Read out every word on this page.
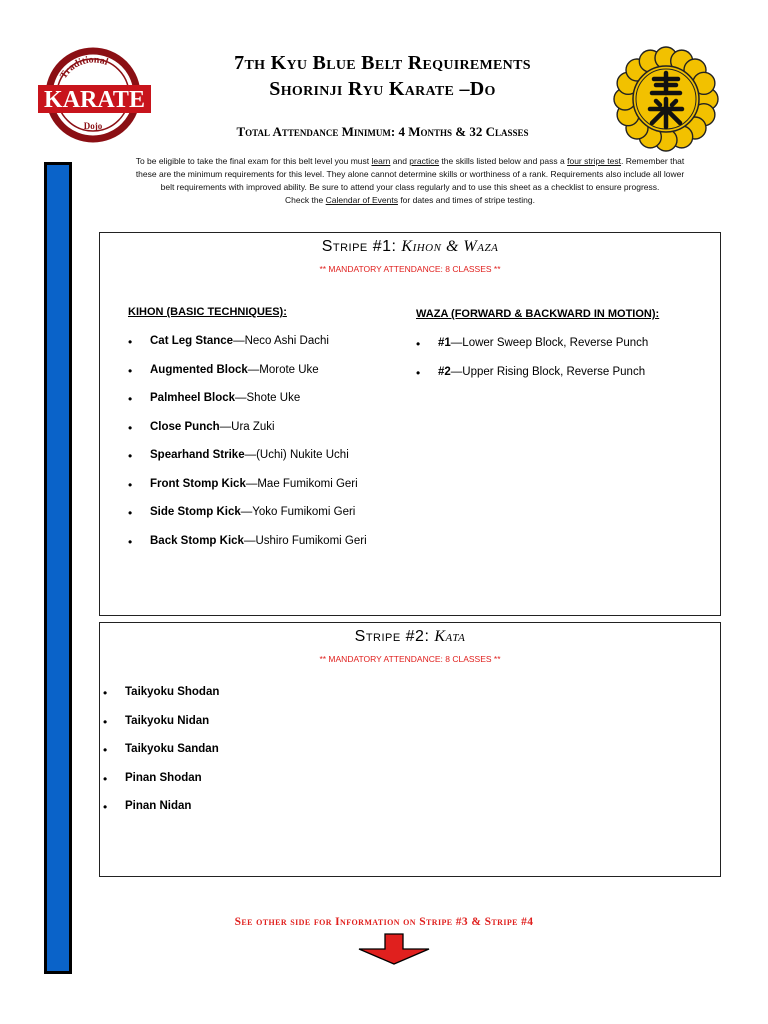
Traditional
KARATE
Dojo
7th Kyu Blue Belt Requirements
Shorinji Ryu Karate –Do
Total Attendance Minimum: 4 Months & 32 Classes
To be eligible to take the final exam for this belt level you must learn and practice the skills listed below and pass a four stripe test. Remember that
these are the minimum requirements for this level. They alone cannot determine skills or worthiness of a rank. Requirements also include all lower
belt requirements with improved ability. Be sure to attend your class regularly and to use this sheet as a checklist to ensure progress.
Check the Calendar of Events for dates and times of stripe testing.
Stripe #1: Kihon & Waza
** MANDATORY ATTENDANCE: 8 CLASSES **
KIHON (BASIC TECHNIQUES):
• Cat Leg Stance—Neco Ashi Dachi
• Augmented Block—Morote Uke
• Palmheel Block—Shote Uke
• Close Punch—Ura Zuki
• Spearhand Strike—(Uchi) Nukite Uchi
• Front Stomp Kick—Mae Fumikomi Geri
• Side Stomp Kick—Yoko Fumikomi Geri
• Back Stomp Kick—Ushiro Fumikomi Geri
WAZA (FORWARD & BACKWARD IN MOTION):
• #1—Lower Sweep Block, Reverse Punch
• #2—Upper Rising Block, Reverse Punch
Stripe #2: Kata
** MANDATORY ATTENDANCE: 8 CLASSES **
• Taikyoku Shodan
• Taikyoku Nidan
• Taikyoku Sandan
• Pinan Shodan
• Pinan Nidan
See other side for Information on Stripe #3 & Stripe #4
